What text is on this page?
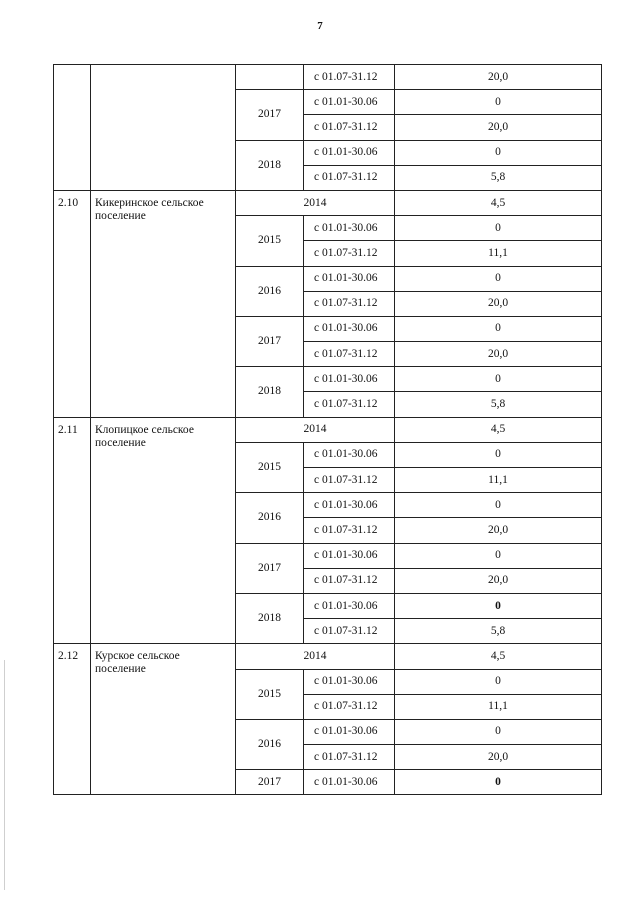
7
			с 01.07-31.12	20,0
		2017	с 01.01-30.06	0
			с 01.07-31.12	20,0
		2018	с 01.01-30.06	0
			с 01.07-31.12	5,8
2.10	Кикеринское сельское поселение	2014		4,5
		2015	с 01.01-30.06	0
			с 01.07-31.12	11,1
		2016	с 01.01-30.06	0
			с 01.07-31.12	20,0
		2017	с 01.01-30.06	0
			с 01.07-31.12	20,0
		2018	с 01.01-30.06	0
			с 01.07-31.12	5,8
2.11	Клопицкое сельское поселение	2014		4,5
		2015	с 01.01-30.06	0
			с 01.07-31.12	11,1
		2016	с 01.01-30.06	0
			с 01.07-31.12	20,0
		2017	с 01.01-30.06	0
			с 01.07-31.12	20,0
		2018	с 01.01-30.06	0
			с 01.07-31.12	5,8
2.12	Курское сельское поселение	2014		4,5
		2015	с 01.01-30.06	0
			с 01.07-31.12	11,1
		2016	с 01.01-30.06	0
			с 01.07-31.12	20,0
		2017	с 01.01-30.06	0
